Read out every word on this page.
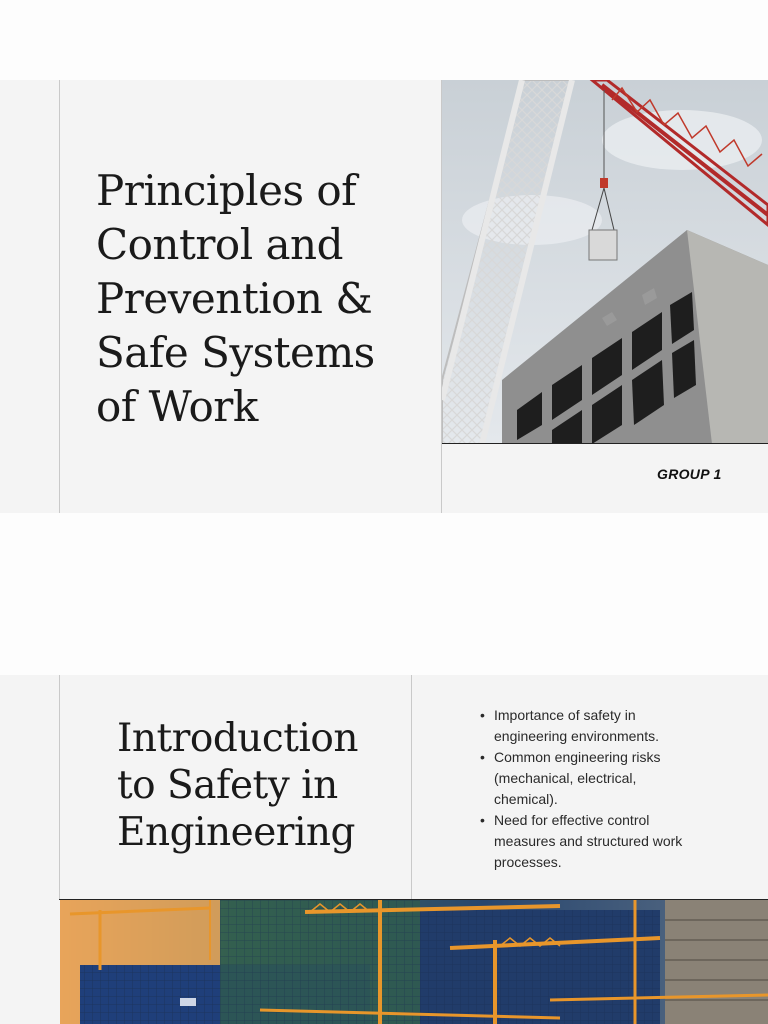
Principles of
Control and
Prevention &
Safe Systems
of Work
GROUP 1
Introduction
to Safety in
Engineering
• Importance of safety in
engineering environments.
• Common engineering risks
(mechanical, electrical,
chemical).
• Need for effective control
measures and structured work
processes.
